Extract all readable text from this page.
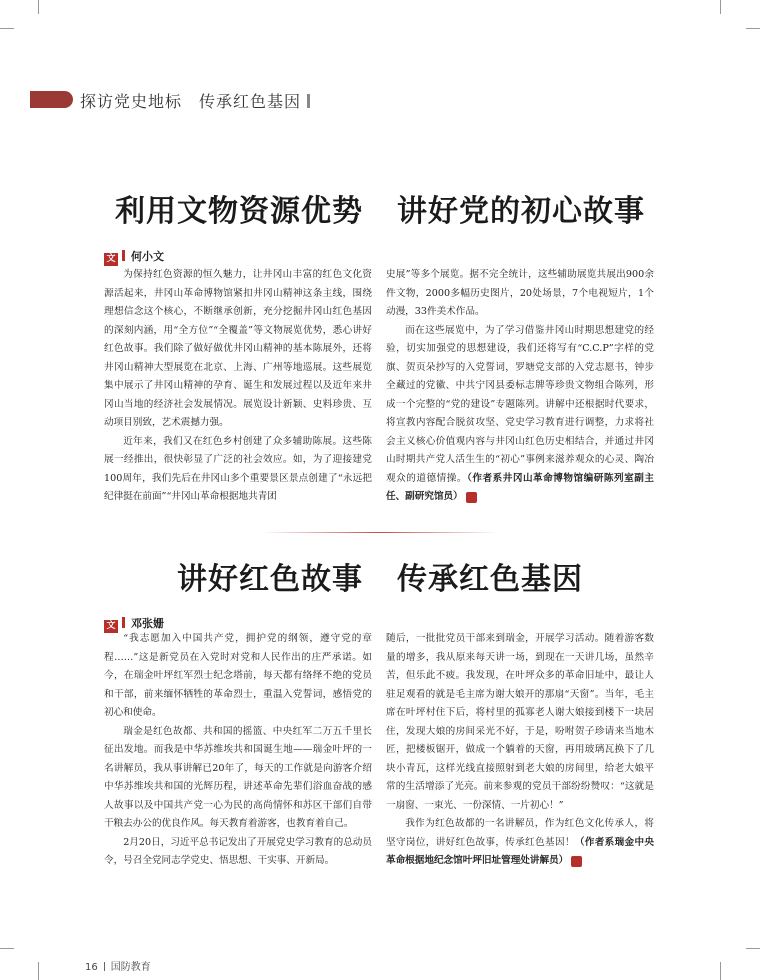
探访党史地标　传承红色基因
利用文物资源优势 讲好党的初心故事
文 何小文

为保持红色资源的恒久魅力，让井冈山丰富的红色文化资源活起来，井冈山革命博物馆紧扣井冈山精神这条主线，围绕理想信念这个核心，不断继承创新，充分挖掘井冈山红色基因的深刻内涵，用“全方位”“全覆盖”等文物展览优势，悉心讲好红色故事。我们除了做好做优井冈山精神的基本陈展外，还将井冈山精神大型展览在北京、上海、广州等地巡展。这些展览集中展示了井冈山精神的孕育、诞生和发展过程以及近年来井冈山当地的经济社会发展情况。展览设计新颖、史料珍贵、互动项目别致，艺术震撼力强。

近年来，我们又在红色乡村创建了众多辅助陈展。这些陈展一经推出，很快彰显了广泛的社会效应。如，为了迎接建党100周年，我们先后在井冈山多个重要景区景点创建了“永远把纪律挺在前面”“井冈山革命根据地共青团

史展”等多个展览。据不完全统计，这些辅助展览共展出900余件文物，2000多幅历史图片，20处场景，7个电视短片，1个动漫，33件美术作品。

而在这些展览中，为了学习借鉴井冈山时期思想建党的经验，切实加强党的思想建设，我们还将写有“C.C.P”字样的党旗、贺页朵抄写的入党誓词，罗塘党支部的入党志愿书，钟步全藏过的党徽、中共宁冈县委标志牌等珍贵文物组合陈列，形成一个完整的“党的建设”专题陈列。讲解中还根据时代要求，将宣教内容配合脱贫攻坚、党史学习教育进行调整，力求将社会主义核心价值观内容与井冈山红色历史相结合，并通过井冈山时期共产党人活生生的“初心”事例来滋养观众的心灵、陶冶观众的道德情操。（作者系井冈山革命博物馆编研陈列室副主任、副研究馆员）	G

讲好红色故事 传承红色基因
文 邓张姗

“我志愿加入中国共产党，拥护党的纲领，遵守党的章程……”这是新党员在入党时对党和人民作出的庄严承诺。如今，在瑞金叶坪红军烈士纪念塔前，每天都有络绎不绝的党员和干部，前来缅怀牺牲的革命烈士，重温入党誓词，感悟党的初心和使命。

瑞金是红色故都、共和国的摇篮、中央红军二万五千里长征出发地。而我是中华苏维埃共和国诞生地——瑞金叶坪的一名讲解员，我从事讲解已20年了，每天的工作就是向游客介绍中华苏维埃共和国的光辉历程，讲述革命先辈们浴血奋战的感人故事以及中国共产党一心为民的高尚情怀和苏区干部们自带干粮去办公的优良作风。每天教育着游客，也教育着自己。

2月20日，习近平总书记发出了开展党史学习教育的总动员令，号召全党同志学党史、悟思想、干实事、开新局。

随后，一批批党员干部来到瑞金，开展学习活动。随着游客数量的增多，我从原来每天讲一场，到现在一天讲几场，虽然辛苦，但乐此不疲。我发现，在叶坪众多的革命旧址中，最让人驻足观看的就是毛主席为谢大娘开的那扇“天窗”。当年，毛主席在叶坪村住下后，将村里的孤寡老人谢大娘接到楼下一块居住，发现大娘的房间采光不好，于是，吩咐贺子珍请来当地木匠，把楼板锯开，做成一个躺着的天窗，再用玻璃瓦换下了几块小青瓦，这样光线直接照射到老大娘的房间里，给老大娘平常的生活增添了光亮。前来参观的党员干部纷纷赞叹：“这就是一扇窗、一束光、一份深情、一片初心！”

我作为红色故都的一名讲解员，作为红色文化传承人，将坚守岗位，讲好红色故事，传承红色基因！（作者系瑞金中央革命根据地纪念馆叶坪旧址管理处讲解员）	G

16 国防教育
